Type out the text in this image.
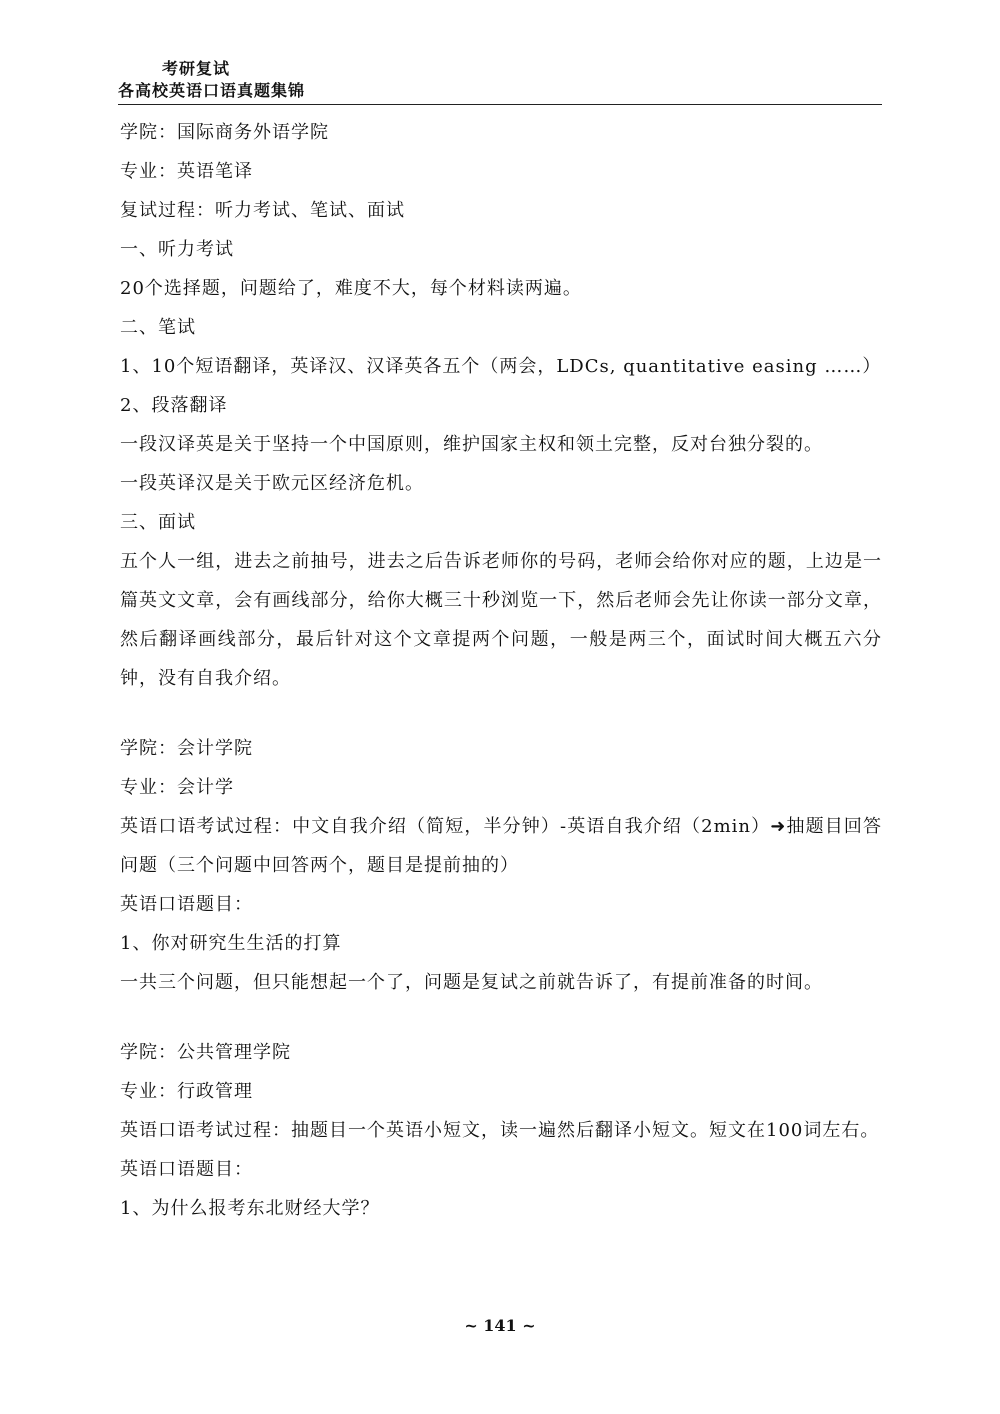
考研复试
各高校英语口语真题集锦
学院：国际商务外语学院
专业：英语笔译
复试过程：听力考试、笔试、面试
一、听力考试
20个选择题，问题给了，难度不大，每个材料读两遍。
二、笔试
1、10个短语翻译，英译汉、汉译英各五个（两会，LDCs, quantitative easing ……）
2、段落翻译
一段汉译英是关于坚持一个中国原则，维护国家主权和领土完整，反对台独分裂的。
一段英译汉是关于欧元区经济危机。
三、面试
五个人一组，进去之前抽号，进去之后告诉老师你的号码，老师会给你对应的题，上边是一篇英文文章，会有画线部分，给你大概三十秒浏览一下，然后老师会先让你读一部分文章，然后翻译画线部分，最后针对这个文章提两个问题，一般是两三个，面试时间大概五六分钟，没有自我介绍。
学院：会计学院
专业：会计学
英语口语考试过程：中文自我介绍（简短，半分钟）-英语自我介绍（2min）➜抽题目回答问题（三个问题中回答两个，题目是提前抽的）
英语口语题目：
1、你对研究生生活的打算
一共三个问题，但只能想起一个了，问题是复试之前就告诉了，有提前准备的时间。
学院：公共管理学院
专业：行政管理
英语口语考试过程：抽题目一个英语小短文，读一遍然后翻译小短文。短文在100词左右。
英语口语题目：
1、为什么报考东北财经大学？
~ 141 ~
